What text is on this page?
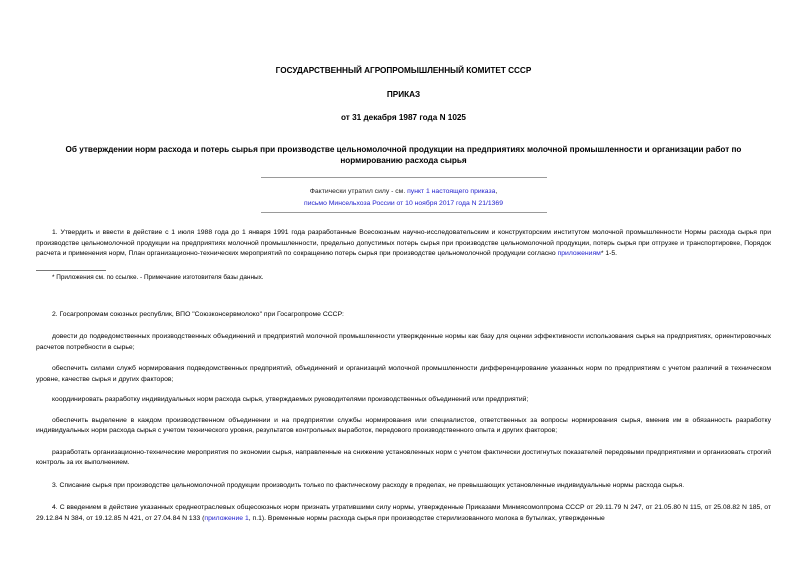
ГОСУДАРСТВЕННЫЙ АГРОПРОМЫШЛЕННЫЙ КОМИТЕТ СССР
ПРИКАЗ
от 31 декабря 1987 года N 1025
Об утверждении норм расхода и потерь сырья при производстве цельномолочной продукции на предприятиях молочной промышленности и организации работ по нормированию расхода сырья
Фактически утратил силу - см. пункт 1 настоящего приказа,
письмо Минсельхоза России от 10 ноября 2017 года N 21/1369

1. Утвердить и ввести в действие с 1 июля 1988 года до 1 января 1991 года разработанные Всесоюзным научно-исследовательским и конструкторским институтом молочной промышленности Нормы расхода сырья при производстве цельномолочной продукции на предприятиях молочной промышленности, предельно допустимых потерь сырья при производстве цельномолочной продукции, потерь сырья при отгрузке и транспортировке, Порядок расчета и применения норм, План организационно-технических мероприятий по сокращению потерь сырья при производстве цельномолочной продукции согласно приложениям* 1-5.

* Приложения см. по ссылке. - Примечание изготовителя базы данных.

2. Госагропромам союзных республик, ВПО "Союзконсервмолоко" при Госагропроме СССР:

довести до подведомственных производственных объединений и предприятий молочной промышленности утвержденные нормы как базу для оценки эффективности использования сырья на предприятиях, ориентировочных расчетов потребности в сырье;

обеспечить силами служб нормирования подведомственных предприятий, объединений и организаций молочной промышленности дифференцирование указанных норм по предприятиям с учетом различий в техническом уровне, качестве сырья и других факторов;

координировать разработку индивидуальных норм расхода сырья, утверждаемых руководителями производственных объединений или предприятий;

обеспечить выделение в каждом производственном объединении и на предприятии службы нормирования или специалистов, ответственных за вопросы нормирования сырья, вменив им в обязанность разработку индивидуальных норм расхода сырья с учетом технического уровня, результатов контрольных выработок, передового производственного опыта и других факторов;

разработать организационно-технические мероприятия по экономии сырья, направленные на снижение установленных норм с учетом фактически достигнутых показателей передовыми предприятиями и организовать строгий контроль за их выполнением.

3. Списание сырья при производстве цельномолочной продукции производить только по фактическому расходу в пределах, не превышающих установленные индивидуальные нормы расхода сырья.

4. С введением в действие указанных среднеотраслевых общесоюзных норм признать утратившими силу нормы, утвержденные Приказами Минмясомолпрома СССР от 29.11.79 N 247, от 21.05.80 N 115, от 25.08.82 N 185, от 29.12.84 N 384, от 19.12.85 N 421, от 27.04.84 N 133 (приложение 1, п.1). Временные нормы расхода сырья при производстве стерилизованного молока в бутылках, утвержденные
